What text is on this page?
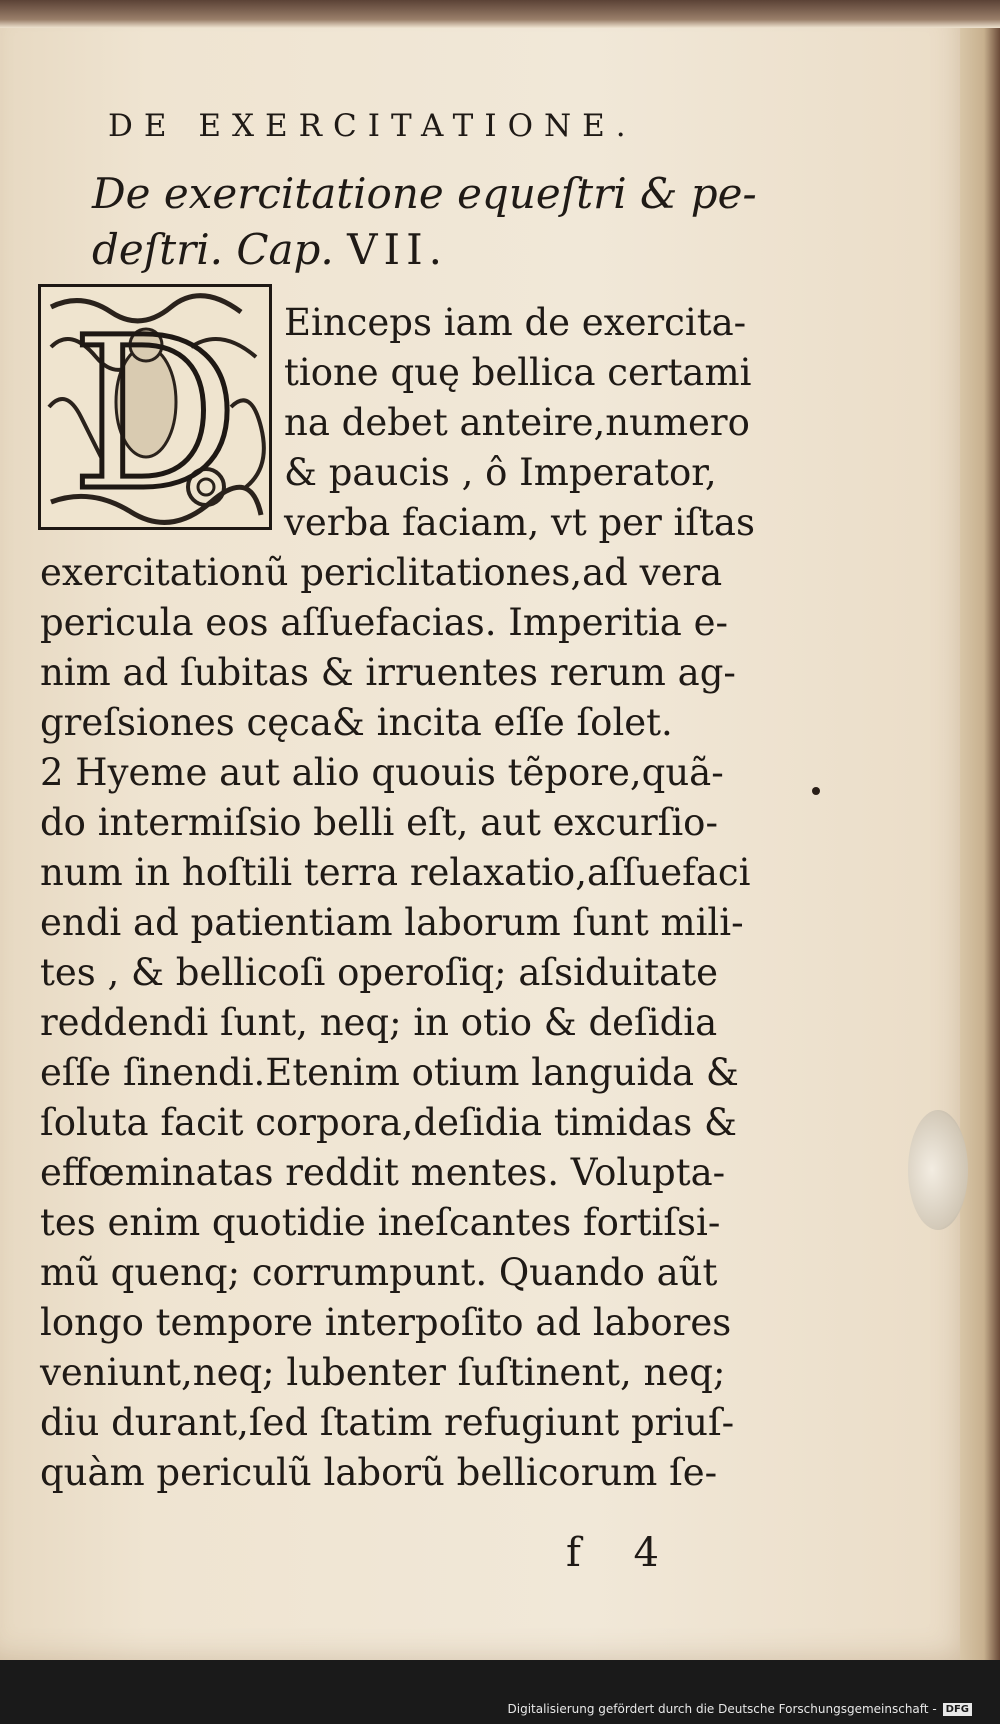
DE EXERCITATIONE.
De exercitatione equeſtri & pe-
deſtri. Cap. VII.
D	Einceps iam de exercita-
tione quę bellica certami
na debet anteire,numero
& paucis , ô Imperator,
verba faciam, vt per iſtas
exercitationũ periclitationes,ad vera
pericula eos aſſuefacias. Imperitia e-
nim ad ſubitas & irruentes rerum ag-
greſsiones cęca& incita eſſe ſolet.
2 Hyeme aut alio quouis tẽpore,quã-
do intermiſsio belli eſt, aut excurſio-
num in hoſtili terra relaxatio,aſſuefaci
endi ad patientiam laborum ſunt mili-
tes , & bellicoſi operoſiq; aſsiduitate
reddendi ſunt, neq; in otio & deſidia
eſſe ſinendi.Etenim otium languida &
ſoluta facit corpora,deſidia timidas &
effœminatas reddit mentes. Volupta-
tes enim quotidie ineſcantes fortiſsi-
mũ quenq; corrumpunt. Quando aũt
longo tempore interpoſito ad labores
veniunt,neq; lubenter ſuſtinent, neq;
diu durant,ſed ſtatim refugiunt priuſ-
quàm periculũ laborũ bellicorum ſe-
f 4
Digitalisierung gefördert durch die Deutsche Forschungsgemeinschaft - DFG
